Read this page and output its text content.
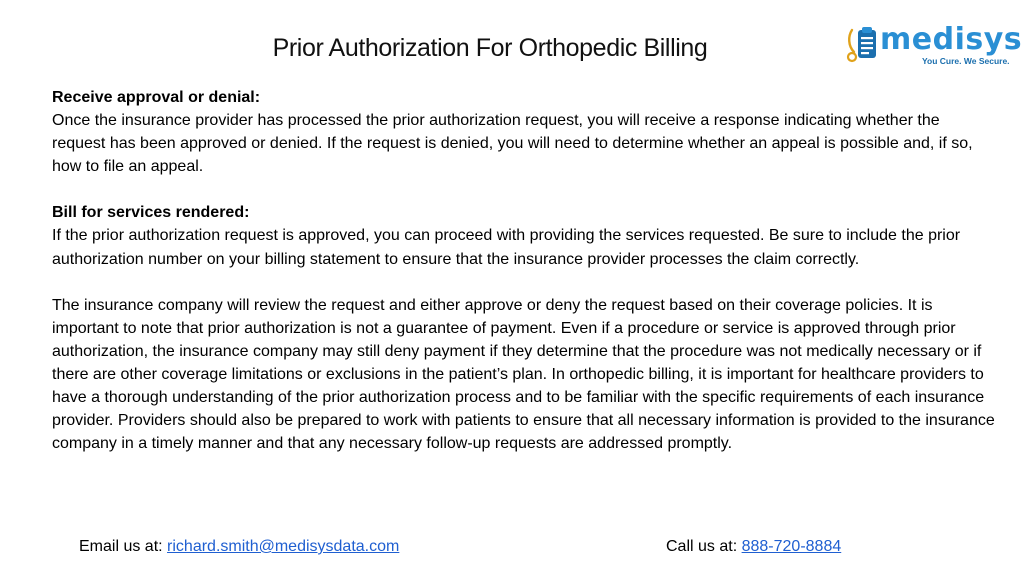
Prior Authorization For Orthopedic Billing	medisys
You Cure. We Secure.
Receive approval or denial:
Once the insurance provider has processed the prior authorization request, you will receive a response indicating whether the request has been approved or denied. If the request is denied, you will need to determine whether an appeal is possible and, if so, how to file an appeal.
Bill for services rendered:
If the prior authorization request is approved, you can proceed with providing the services requested. Be sure to include the prior authorization number on your billing statement to ensure that the insurance provider processes the claim correctly.
The insurance company will review the request and either approve or deny the request based on their coverage policies. It is important to note that prior authorization is not a guarantee of payment. Even if a procedure or service is approved through prior authorization, the insurance company may still deny payment if they determine that the procedure was not medically necessary or if there are other coverage limitations or exclusions in the patient’s plan. In orthopedic billing, it is important for healthcare providers to have a thorough understanding of the prior authorization process and to be familiar with the specific requirements of each insurance provider. Providers should also be prepared to work with patients to ensure that all necessary information is provided to the insurance company in a timely manner and that any necessary follow-up requests are addressed promptly.
Email us at: richard.smith@medisysdata.com	Call us at: 888-720-8884
